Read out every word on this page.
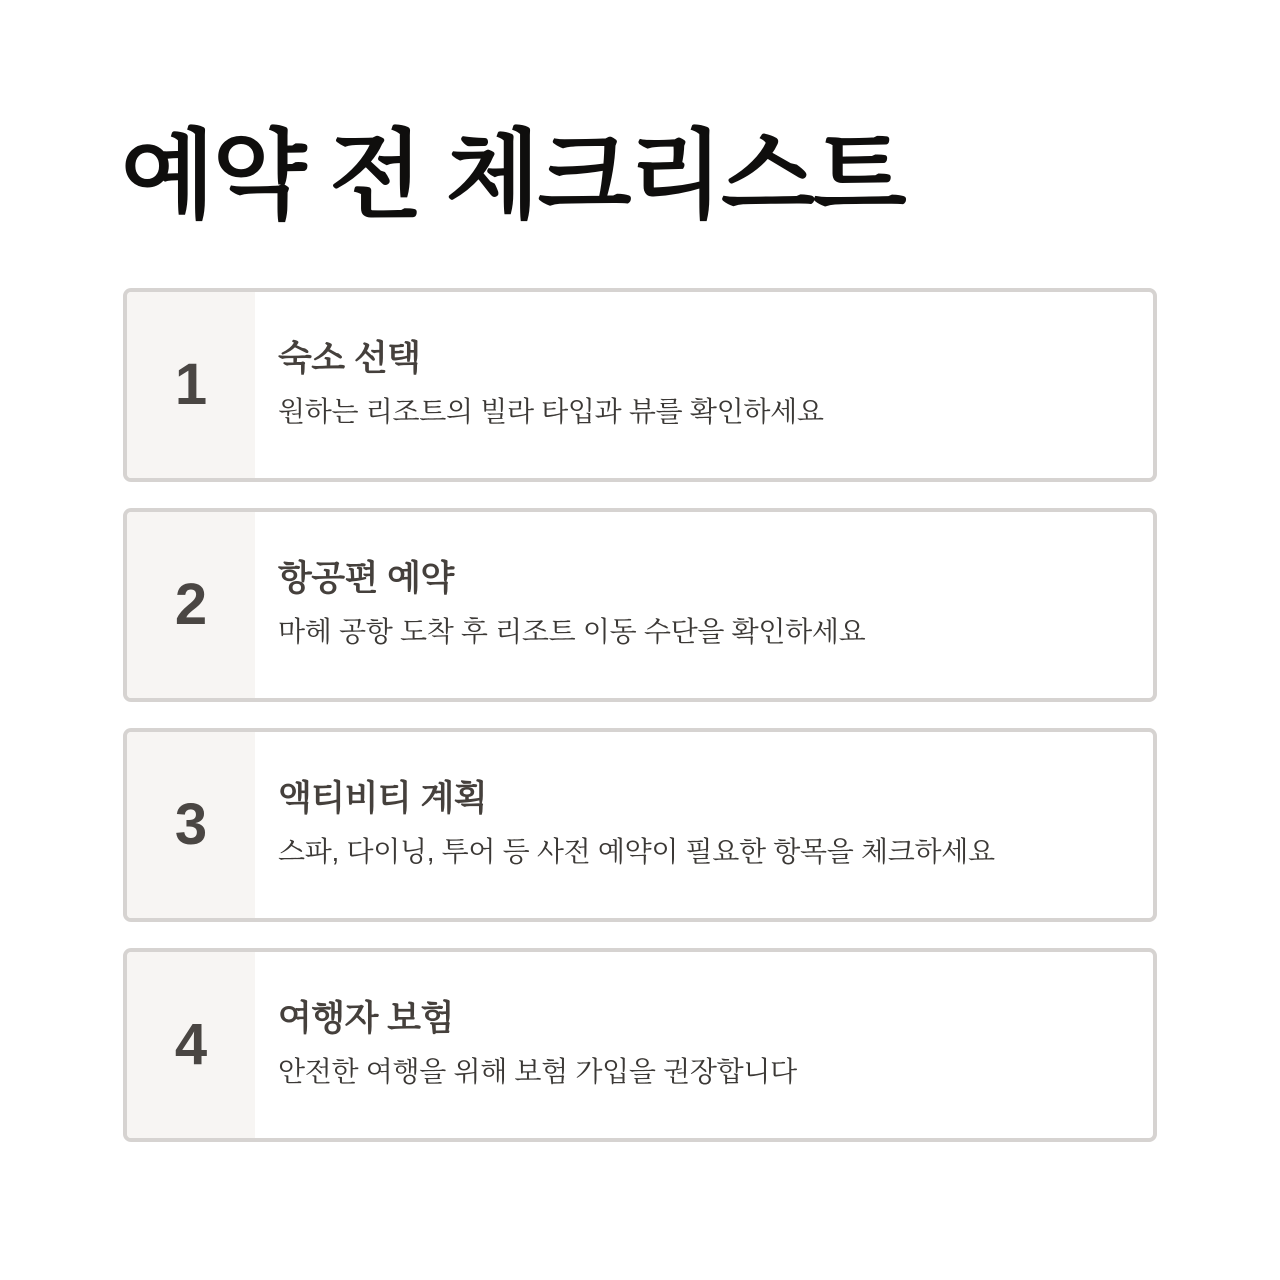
예약 전 체크리스트
1 숙소 선택
원하는 리조트의 빌라 타입과 뷰를 확인하세요
2 항공편 예약
마헤 공항 도착 후 리조트 이동 수단을 확인하세요
3 액티비티 계획
스파, 다이닝, 투어 등 사전 예약이 필요한 항목을 체크하세요
4 여행자 보험
안전한 여행을 위해 보험 가입을 권장합니다
